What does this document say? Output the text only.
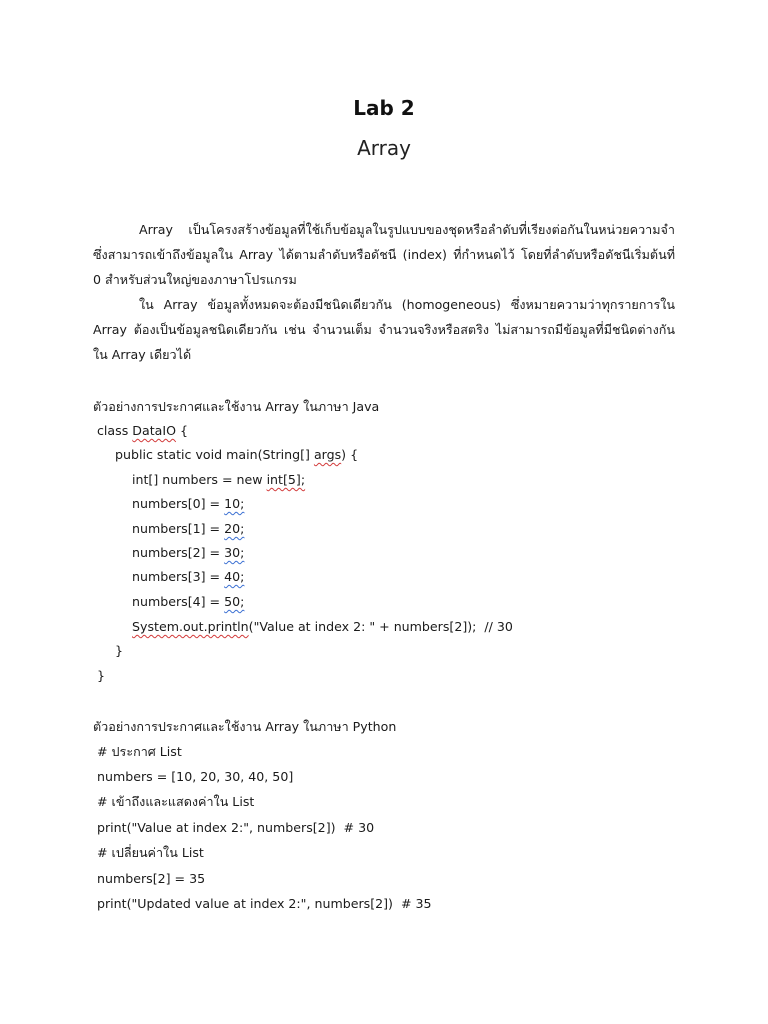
Lab 2
Array
Array เป็นโครงสร้างข้อมูลที่ใช้เก็บข้อมูลในรูปแบบของชุดหรือลำดับที่เรียงต่อกันในหน่วยความจำ ซึ่งสามารถเข้าถึงข้อมูลใน Array ได้ตามลำดับหรือดัชนี (index) ที่กำหนดไว้ โดยที่ลำดับหรือดัชนีเริ่มต้นที่ 0 สำหรับส่วนใหญ่ของภาษาโปรแกรม
ใน Array ข้อมูลทั้งหมดจะต้องมีชนิดเดียวกัน (homogeneous) ซึ่งหมายความว่าทุกรายการใน Array ต้องเป็นข้อมูลชนิดเดียวกัน เช่น จำนวนเต็ม จำนวนจริงหรือสตริง ไม่สามารถมีข้อมูลที่มีชนิดต่างกันใน Array เดียวได้
ตัวอย่างการประกาศและใช้งาน Array ในภาษา Java
class DataIO {
public static void main(String[] args) {
int[] numbers = new int[5];
numbers[0] = 10;
numbers[1] = 20;
numbers[2] = 30;
numbers[3] = 40;
numbers[4] = 50;
System.out.println("Value at index 2: " + numbers[2]);  // 30
}
}
ตัวอย่างการประกาศและใช้งาน Array ในภาษา Python
# ประกาศ List
numbers = [10, 20, 30, 40, 50]
# เข้าถึงและแสดงค่าใน List
print("Value at index 2:", numbers[2])  # 30
# เปลี่ยนค่าใน List
numbers[2] = 35
print("Updated value at index 2:", numbers[2])  # 35
